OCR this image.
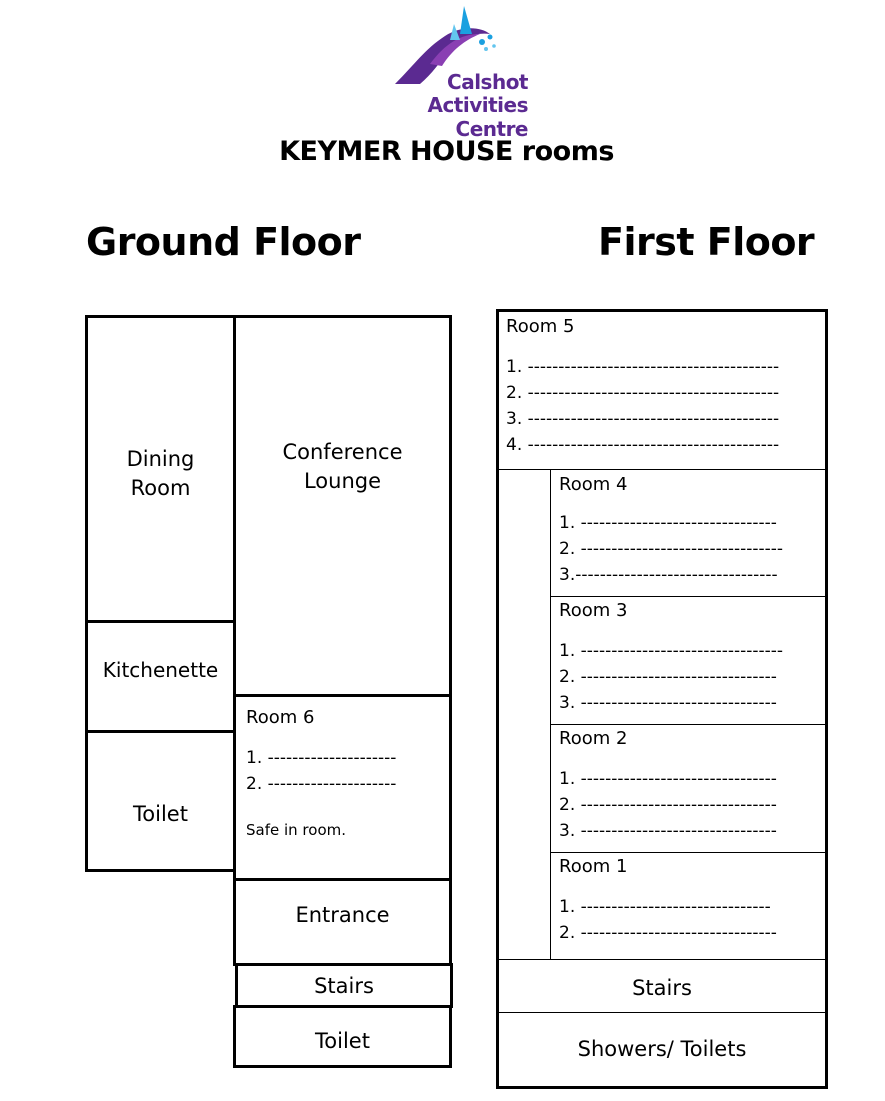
Calshot
Activities Centre
KEYMER HOUSE rooms
Ground Floor	First Floor
Dining
Room
Conference
Lounge
Kitchenette
Toilet
Room 6
1. ---------------------
2. ---------------------
Safe in room.
Entrance
Stairs
Toilet
Room 5
1. -----------------------------------------
2. -----------------------------------------
3. -----------------------------------------
4. -----------------------------------------
Room 4
1. --------------------------------
2. ---------------------------------
3.---------------------------------
Room 3
1. ---------------------------------
2. --------------------------------
3. --------------------------------
Room 2
1. --------------------------------
2. --------------------------------
3. --------------------------------
Room 1
1. -------------------------------
2. --------------------------------
Stairs
Showers/ Toilets
